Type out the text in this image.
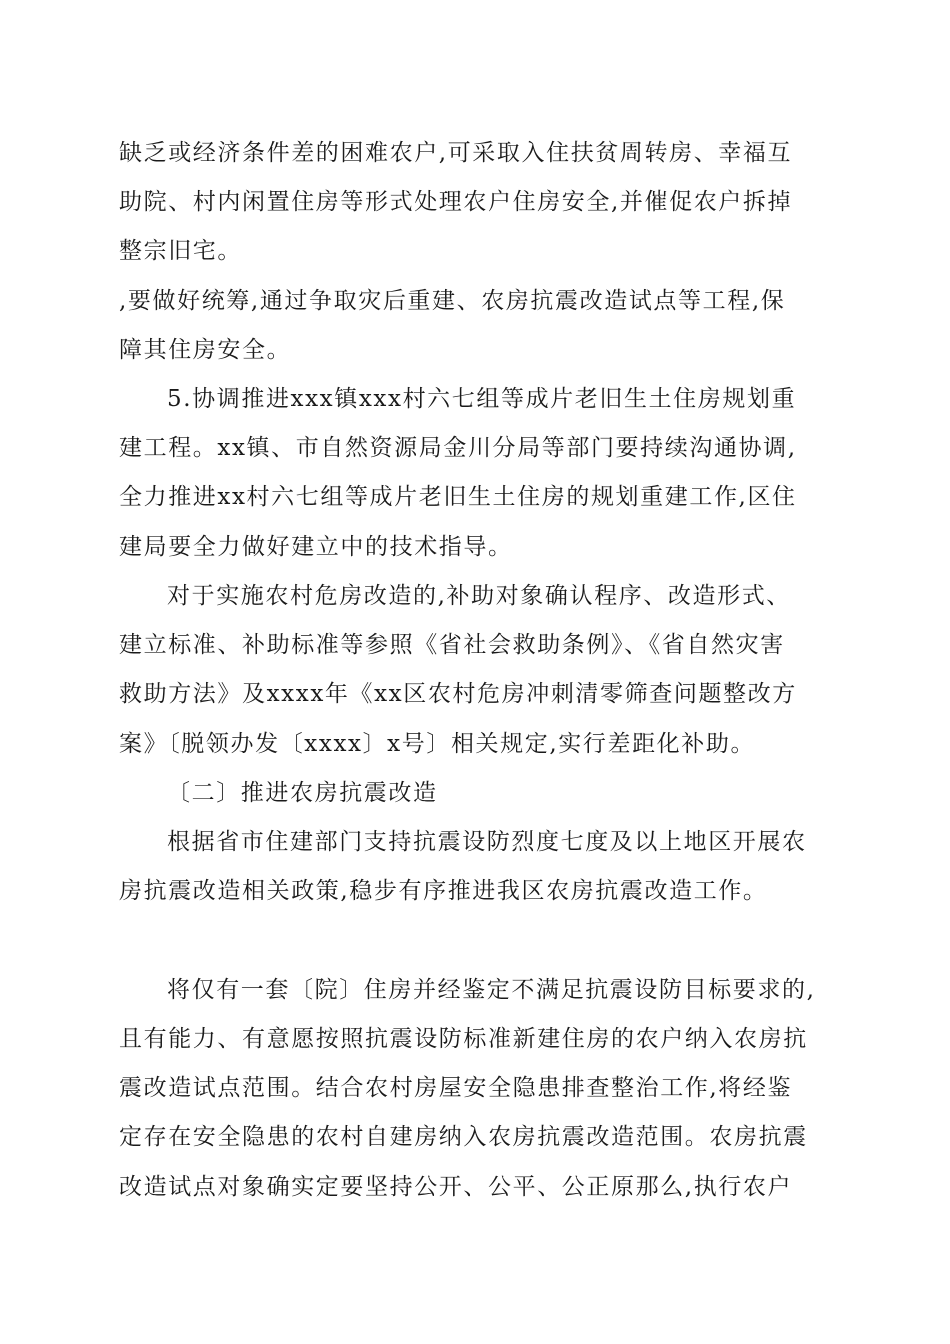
缺乏或经济条件差的困难农户,可采取入住扶贫周转房、幸福互
助院、村内闲置住房等形式处理农户住房安全,并催促农户拆掉
整宗旧宅。
,要做好统筹,通过争取灾后重建、农房抗震改造试点等工程,保
障其住房安全。
5.协调推进xxx镇xxx村六七组等成片老旧生土住房规划重
建工程。xx镇、市自然资源局金川分局等部门要持续沟通协调,
全力推进xx村六七组等成片老旧生土住房的规划重建工作,区住
建局要全力做好建立中的技术指导。
对于实施农村危房改造的,补助对象确认程序、改造形式、
建立标准、补助标准等参照《省社会救助条例》、《省自然灾害
救助方法》及xxxx年《xx区农村危房冲刺清零筛查问题整改方
案》〔脱领办发〔xxxx〕x号〕相关规定,实行差距化补助。
〔二〕推进农房抗震改造
根据省市住建部门支持抗震设防烈度七度及以上地区开展农
房抗震改造相关政策,稳步有序推进我区农房抗震改造工作。
将仅有一套〔院〕住房并经鉴定不满足抗震设防目标要求的,
且有能力、有意愿按照抗震设防标准新建住房的农户纳入农房抗
震改造试点范围。结合农村房屋安全隐患排查整治工作,将经鉴
定存在安全隐患的农村自建房纳入农房抗震改造范围。农房抗震
改造试点对象确实定要坚持公开、公平、公正原那么,执行农户
